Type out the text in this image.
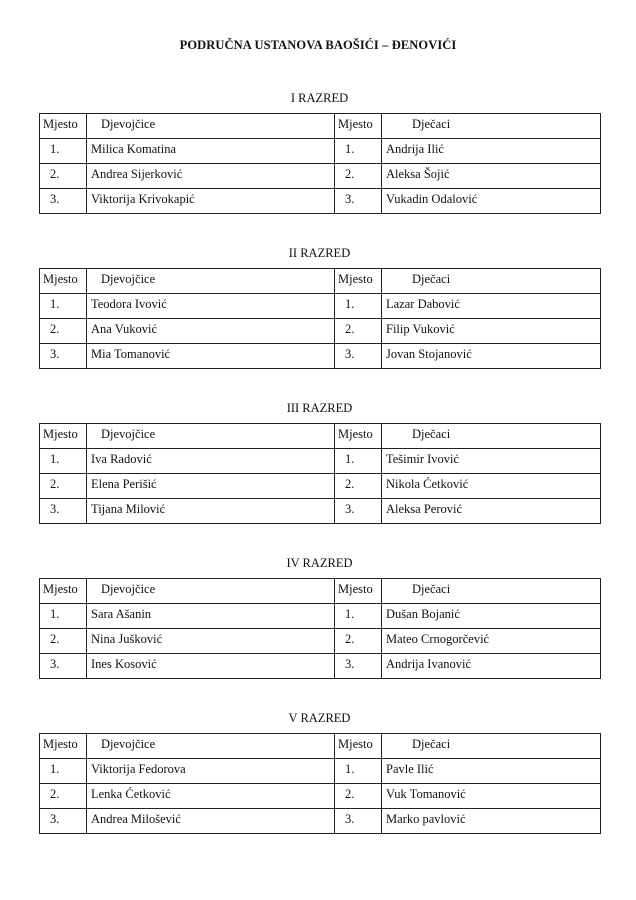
PODRUČNA USTANOVA BAOŠIĆI – ĐENOVIĆI
I RAZRED
Mjesto	Djevojčice	Mjesto	Dječaci

1.	Milica Komatina	1.	Andrija Ilić

2.	Andrea Sijerković	2.	Aleksa Šojić

3.	Viktorija Krivokapić	3.	Vukadin Odalović
II RAZRED
Mjesto	Djevojčice	Mjesto	Dječaci

1.	Teodora Ivović	1.	Lazar Dabović

2.	Ana Vuković	2.	Filip Vuković

3.	Mia Tomanović	3.	Jovan Stojanović
III RAZRED
Mjesto	Djevojčice	Mjesto	Dječaci

1.	Iva Radović	1.	Tešimir Ivović

2.	Elena Perišić	2.	Nikola Ćetković

3.	Tijana Milović	3.	Aleksa Perović
IV RAZRED
Mjesto	Djevojčice	Mjesto	Dječaci

1.	Sara Ašanin	1.	Dušan Bojanić

2.	Nina Jušković	2.	Mateo Crnogorčević

3.	Ines Kosović	3.	Andrija Ivanović
V RAZRED
Mjesto	Djevojčice	Mjesto	Dječaci

1.	Viktorija Fedorova	1.	Pavle Ilić

2.	Lenka Ćetković	2.	Vuk Tomanović

3.	Andrea Milošević	3.	Marko pavlović
